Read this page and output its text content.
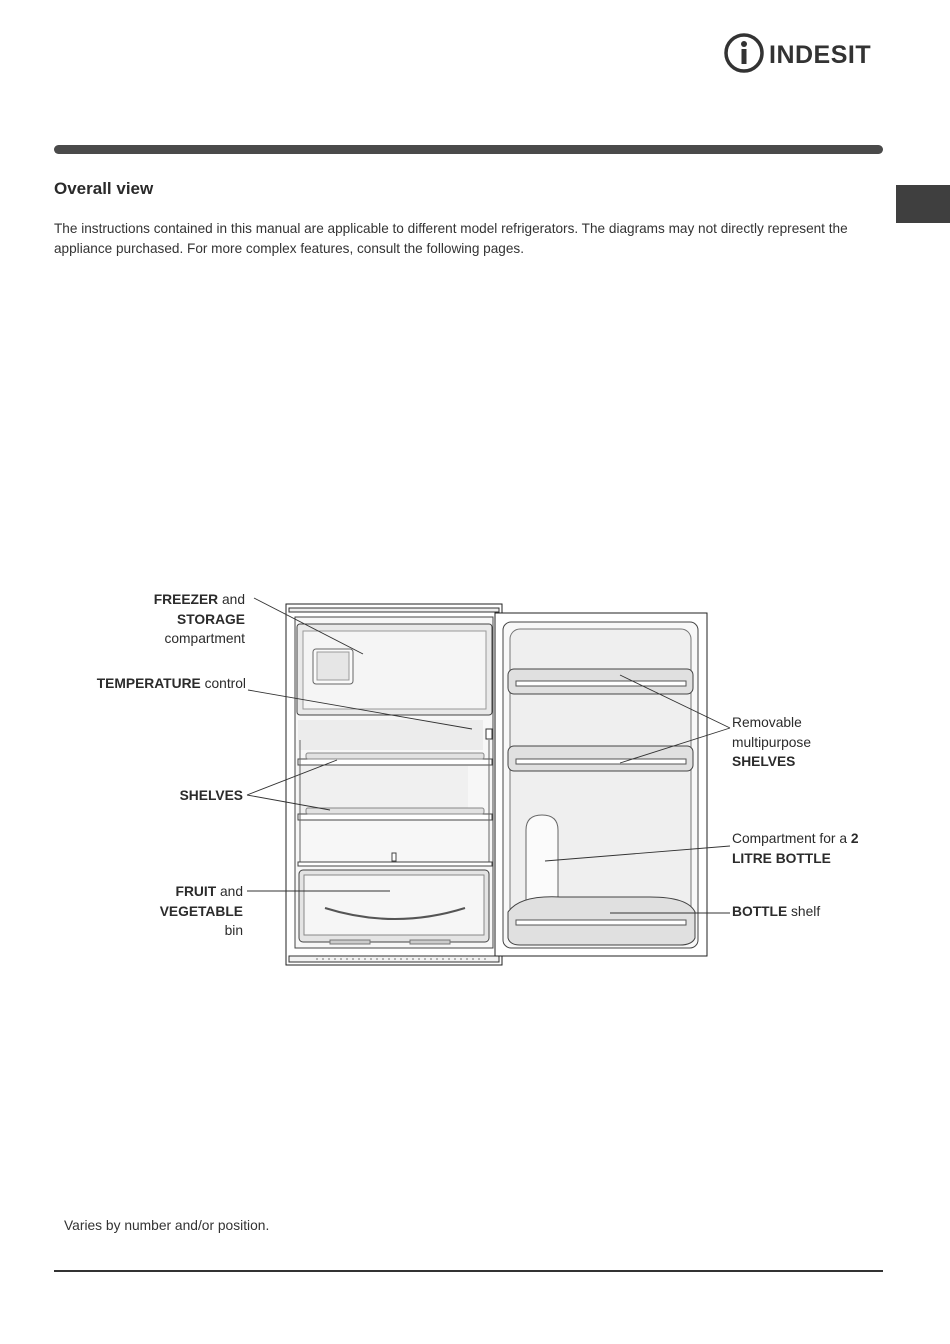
INDESIT
Overall view

The instructions contained in this manual are applicable to different model refrigerators. The diagrams may not directly represent the appliance purchased. For more complex features, consult the following pages.

FREEZER and
STORAGE
compartment
TEMPERATURE control
SHELVES
FRUIT and
VEGETABLE
bin
Removable
multipurpose
SHELVES
Compartment for a 2
LITRE BOTTLE
BOTTLE shelf
Varies by number and/or position.
